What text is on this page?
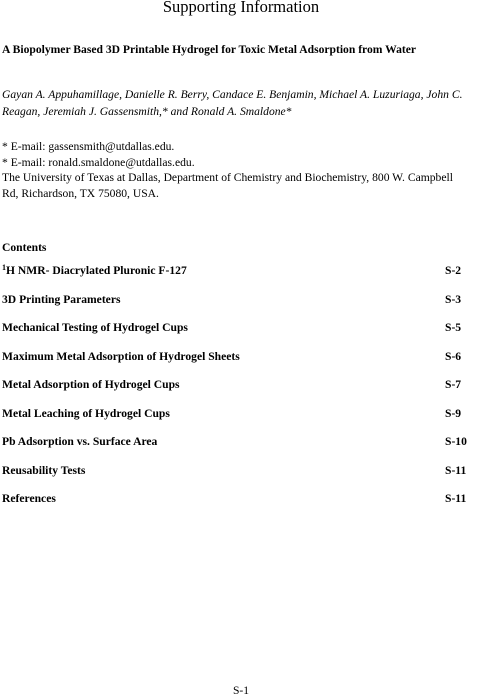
Supporting Information
A Biopolymer Based 3D Printable Hydrogel for Toxic Metal Adsorption from Water
Gayan A. Appuhamillage, Danielle R. Berry, Candace E. Benjamin, Michael A. Luzuriaga, John C. Reagan, Jeremiah J. Gassensmith,* and Ronald A. Smaldone*
* E-mail: gassensmith@utdallas.edu.
* E-mail: ronald.smaldone@utdallas.edu.
The University of Texas at Dallas, Department of Chemistry and Biochemistry, 800 W. Campbell
Rd, Richardson, TX 75080, USA.
Contents
$^1$H NMR- Diacrylated Pluronic F-127	S-2
3D Printing Parameters	S-3
Mechanical Testing of Hydrogel Cups	S-5
Maximum Metal Adsorption of Hydrogel Sheets	S-6
Metal Adsorption of Hydrogel Cups	S-7
Metal Leaching of Hydrogel Cups	S-9
Pb Adsorption vs. Surface Area	S-10
Reusability Tests	S-11
References	S-11
S-1
